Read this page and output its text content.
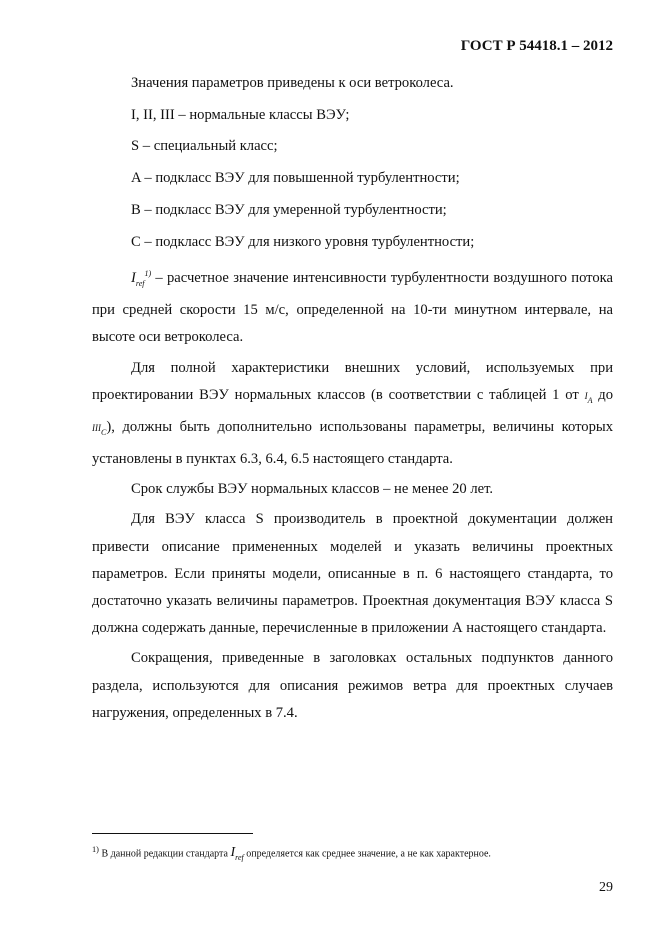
ГОСТ Р 54418.1 – 2012

Значения параметров приведены к оси ветроколеса.

I, II, III – нормальные классы ВЭУ;

S – специальный класс;

A – подкласс ВЭУ для повышенной турбулентности;

B – подкласс ВЭУ для умеренной турбулентности;

C – подкласс ВЭУ для низкого уровня турбулентности;

$I_{ref}^{1)}$ – расчетное значение интенсивности турбулентности воздушного потока при средней скорости 15 м/с, определенной на 10-ти минутном интервале, на высоте оси ветроколеса.

Для полной характеристики внешних условий, используемых при проектировании ВЭУ нормальных классов (в соответствии с таблицей 1 от $I_A$ до $III_C$), должны быть дополнительно использованы параметры, величины которых установлены в пунктах 6.3, 6.4, 6.5 настоящего стандарта.

Срок службы ВЭУ нормальных классов – не менее 20 лет.

Для ВЭУ класса S производитель в проектной документации должен привести описание примененных моделей и указать величины проектных параметров. Если приняты модели, описанные в п. 6 настоящего стандарта, то достаточно указать величины параметров. Проектная документация ВЭУ класса S должна содержать данные, перечисленные в приложении А настоящего стандарта.

Сокращения, приведенные в заголовках остальных подпунктов данного раздела, используются для описания режимов ветра для проектных случаев нагружения, определенных в 7.4.

$^{1)}$ В данной редакции стандарта $I_{ref}$ определяется как среднее значение, а не как характерное.
29
